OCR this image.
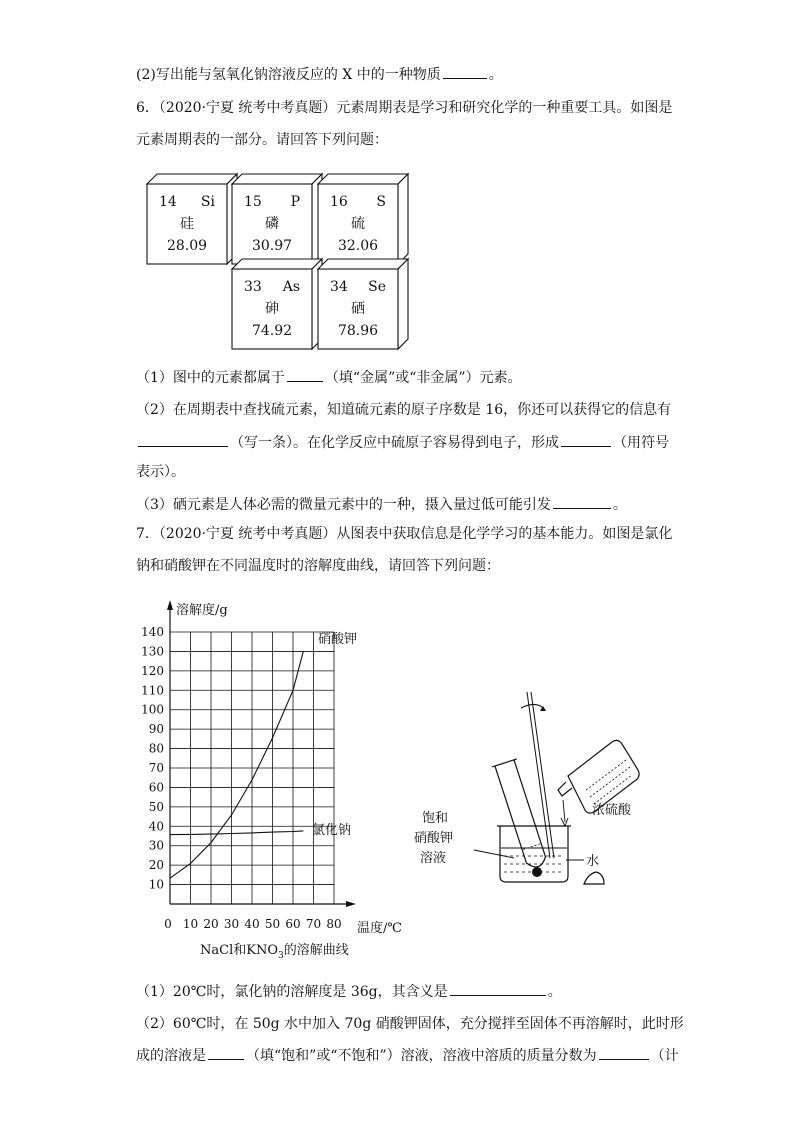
(2)写出能与氢氧化钠溶液反应的 X 中的一种物质	。
6．（2020·宁夏 统考中考真题）元素周期表是学习和研究化学的一种重要工具。如图是
元素周期表的一部分。请回答下列问题：
14 Si
硅
28.09
15 P
磷
30.97
16 S
硫
32.06
33 As
砷
74.92
34 Se
硒
78.96
（1）图中的元素都属于	（填“金属”或“非金属”）元素。
（2）在周期表中查找硫元素，知道硫元素的原子序数是 16，你还可以获得它的信息有
（写一条）。在化学反应中硫原子容易得到电子，形成	（用符号
表示）。
（3）硒元素是人体必需的微量元素中的一种，摄入量过低可能引发	。
7．（2020·宁夏 统考中考真题）从图表中获取信息是化学学习的基本能力。如图是氯化
钠和硝酸钾在不同温度时的溶解度曲线，请回答下列问题：
溶解度/g
10
20
30
40
50
60
70
80
90
100
110
120
130
140
0 10 20 30 40 50 60 70 80
硝酸钾
氯化钠
温度/℃
NaCl和$KNO_3$的溶解曲线
饱和
硝酸钾
溶液
浓硫酸
水
（1）20℃时，氯化钠的溶解度是 36g，其含义是	。
（2）60℃时，在 50g 水中加入 70g 硝酸钾固体，充分搅拌至固体不再溶解时，此时形
成的溶液是	（填“饱和”或“不饱和”）溶液，溶液中溶质的质量分数为	（计
